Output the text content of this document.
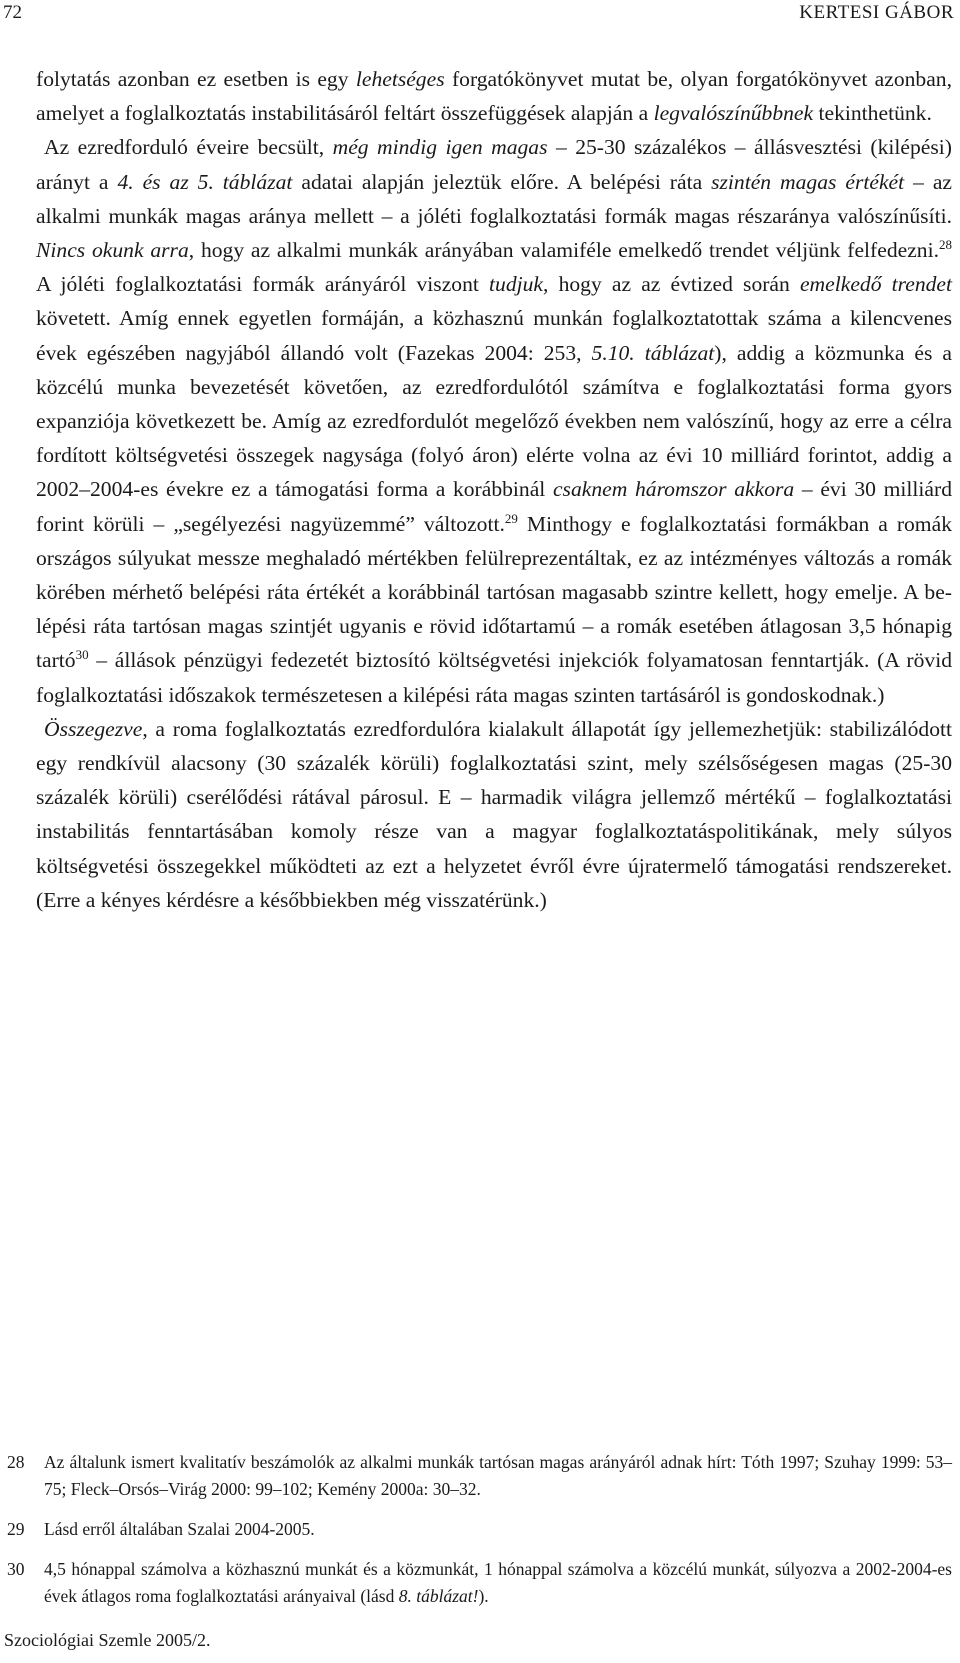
72	KERTESI GÁBOR

folytatás azonban ez esetben is egy lehetséges forgatókönyvet mutat be, olyan forgatókönyvet azonban, amelyet a foglalkoztatás instabilitásáról feltárt összefüggések alapján a legvalószínűbbnek tekinthetünk.

Az ezredforduló éveire becsült, még mindig igen magas – 25-30 százalékos – állásvesztési (kilépési) arányt a 4. és az 5. táblázat adatai alapján jeleztük előre. A belépési ráta szintén magas értékét – az alkalmi munkák magas aránya mellett – a jóléti foglalkoztatási formák magas részaránya valószínűsíti. Nincs okunk arra, hogy az alkalmi munkák arányában valamiféle emelkedő trendet véljünk felfedezni.$^{28}$ A jóléti foglalkoztatási formák arányáról viszont tudjuk, hogy az az évtized során emelkedő trendet követett. Amíg ennek egyetlen formáján, a közhasznú munkán foglalkoztatottak száma a kilencvenes évek egészében nagyjából állandó volt (Fazekas 2004: 253, 5.10. táblázat), addig a közmunka és a közcélú munka bevezetését követően, az ezredfordulótól számítva e foglalkoztatási forma gyors expanziója következett be. Amíg az ezredfordulót megelőző években nem valószínű, hogy az erre a célra fordított költségvetési összegek nagysága (folyó áron) elérte volna az évi 10 milliárd forintot, addig a 2002–2004-es évekre ez a támogatási forma a korábbinál csaknem háromszor akkora – évi 30 milliárd forint körüli – „segélyezési nagyüzemmé” változott.$^{29}$ Minthogy e foglalkoztatási formákban a romák országos súlyukat messze meghaladó mértékben felülreprezentáltak, ez az intézményes változás a romák körében mérhető belépési ráta értékét a korábbinál tartósan magasabb szintre kellett, hogy emelje. A belépési ráta tartósan magas szintjét ugyanis e rövid időtartamú – a romák esetében átlagosan 3,5 hónapig tartó$^{30}$ – állások pénzügyi fedezetét biztosító költségvetési injekciók folyamatosan fenntartják. (A rövid foglalkoztatási időszakok természetesen a kilépési ráta magas szinten tartásáról is gondoskodnak.)

Összegezve, a roma foglalkoztatás ezredfordulóra kialakult állapotát így jellemezhetjük: stabilizálódott egy rendkívül alacsony (30 százalék körüli) foglalkoztatási szint, mely szélsőségesen magas (25-30 százalék körüli) cserélődési rátával párosul. E – harmadik világra jellemző mértékű – foglalkoztatási instabilitás fenntartásában komoly része van a magyar foglalkoztatáspolitikának, mely súlyos költségvetési összegekkel működteti az ezt a helyzetet évről évre újratermelő támogatási rendszereket. (Erre a kényes kérdésre a későbbiekben még visszatérünk.)

28 Az általunk ismert kvalitatív beszámolók az alkalmi munkák tartósan magas arányáról adnak hírt: Tóth 1997; Szuhay 1999: 53–75; Fleck–Orsós–Virág 2000: 99–102; Kemény 2000a: 30–32.
29 Lásd erről általában Szalai 2004-2005.
30 4,5 hónappal számolva a közhasznú munkát és a közmunkát, 1 hónappal számolva a közcélú munkát, súlyozva a 2002-2004-es évek átlagos roma foglalkoztatási arányaival (lásd 8. táblázat!).
Szociológiai Szemle 2005/2.
